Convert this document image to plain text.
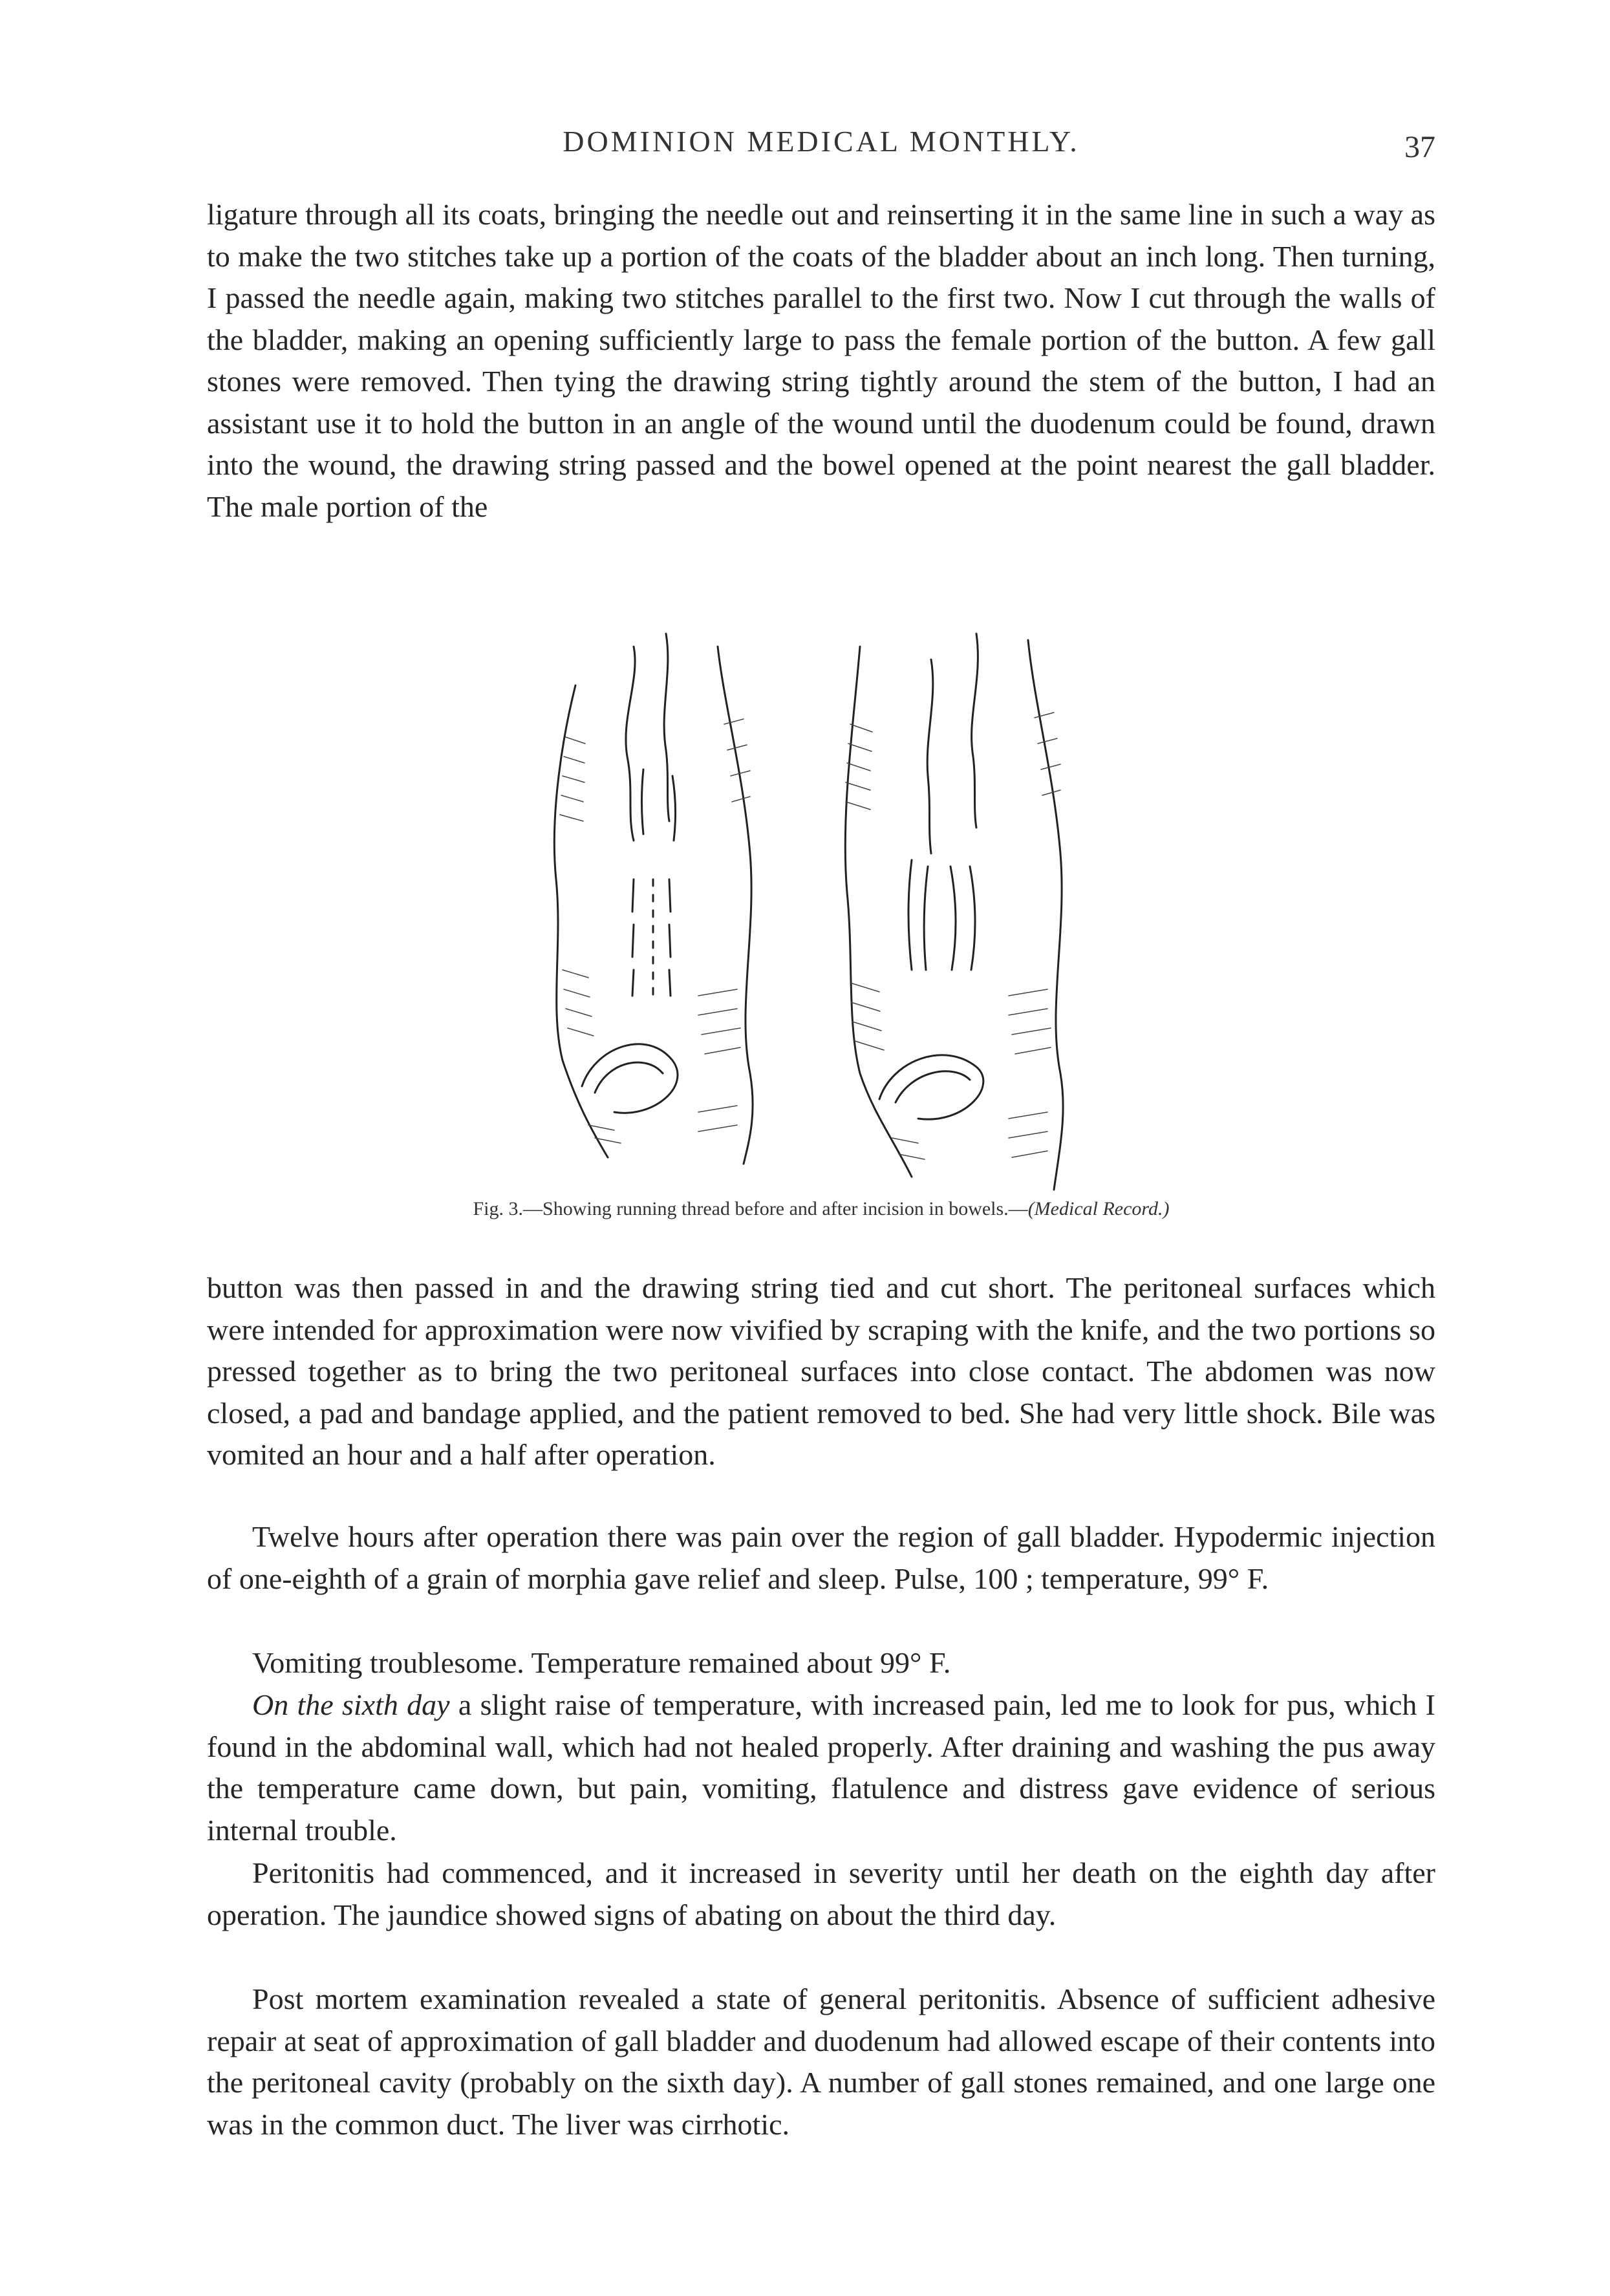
DOMINION MEDICAL MONTHLY.	37

ligature through all its coats, bringing the needle out and reinserting it in the same line in such a way as to make the two stitches take up a portion of the coats of the bladder about an inch long. Then turning, I passed the needle again, making two stitches parallel to the first two. Now I cut through the walls of the bladder, making an opening sufficiently large to pass the female portion of the button. A few gall stones were removed. Then tying the drawing string tightly around the stem of the button, I had an assistant use it to hold the button in an angle of the wound until the duodenum could be found, drawn into the wound, the drawing string passed and the bowel opened at the point nearest the gall bladder. The male portion of the

Fig. 3.—Showing running thread before and after incision in bowels.—(Medical Record.)

button was then passed in and the drawing string tied and cut short. The peritoneal surfaces which were intended for approximation were now vivified by scraping with the knife, and the two portions so pressed together as to bring the two peritoneal surfaces into close contact. The abdomen was now closed, a pad and bandage applied, and the patient removed to bed. She had very little shock. Bile was vomited an hour and a half after operation.

Twelve hours after operation there was pain over the region of gall bladder. Hypodermic injection of one-eighth of a grain of morphia gave relief and sleep. Pulse, 100 ; temperature, 99° F.

Vomiting troublesome. Temperature remained about 99° F.

On the sixth day a slight raise of temperature, with increased pain, led me to look for pus, which I found in the abdominal wall, which had not healed properly. After draining and washing the pus away the temperature came down, but pain, vomiting, flatulence and distress gave evidence of serious internal trouble.

Peritonitis had commenced, and it increased in severity until her death on the eighth day after operation. The jaundice showed signs of abating on about the third day.

Post mortem examination revealed a state of general peritonitis. Absence of sufficient adhesive repair at seat of approximation of gall bladder and duodenum had allowed escape of their contents into the peritoneal cavity (probably on the sixth day). A number of gall stones remained, and one large one was in the common duct. The liver was cirrhotic.
